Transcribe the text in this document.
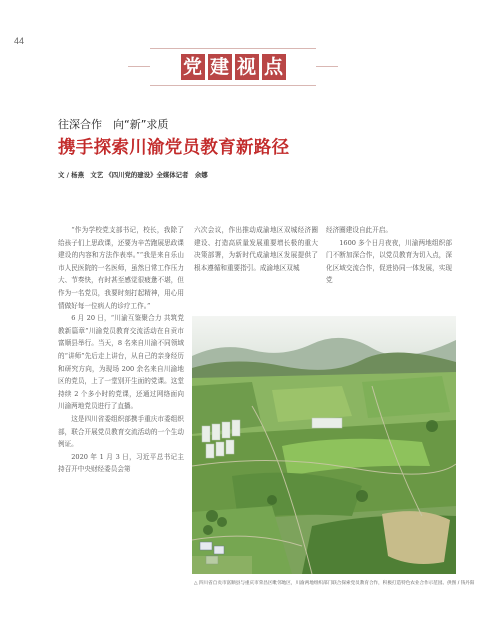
44
党 建 视 点
往深合作　向“新”求质
携手探索川渝党员教育新路径
文 / 杨燕　文艺 《四川党的建设》全媒体记者　余娜

“作为学校党支部书记，校长，我除了给孩子们上思政课，还要为辛苦跑展思政课建设的内容和方法作表率。”“我是来自乐山市人民医院的一名医师，虽然日常工作压力大、节奏快，有时甚至感觉很疲惫不堪，但作为一名党员，我要时刻打起精神，用心用情做好每一位病人的诊疗工作。”

6 月 20 日，“川渝互鉴聚合力 共筑党教新篇章”川渝党员教育交流活动在自贡市富顺县举行。当天，8 名来自川渝不同领域的“讲师”先后走上讲台，从自己的亲身经历和研究方向，为现场 200 余名来自川渝地区的党员，上了一堂别开生面的党课。这堂持续 2 个多小时的党课，还通过网络面向川渝两地党员进行了直播。

这是四川省委组织部携手重庆市委组织部，联合开展党员教育交流活动的一个生动例证。

2020 年 1 月 3 日，习近平总书记主持召开中央财经委员会第

六次会议，作出推动成渝地区双城经济圈建设、打造高质量发展重要增长极的重大决策部署，为新时代成渝地区发展提供了根本遵循和重要指引。成渝地区双城

经济圈建设自此开启。

1600 多个日月夜夜，川渝两地组织部门不断加深合作，以党员教育为切入点，深化区域交流合作，促进协同一体发展，实现党

△ 四川省自贡市富顺县与重庆市荣昌区毗邻地区，川渝两地组织部门联合探索党员教育合作，积极打造特色农业合作示范园。供图 / 钱丹阳
